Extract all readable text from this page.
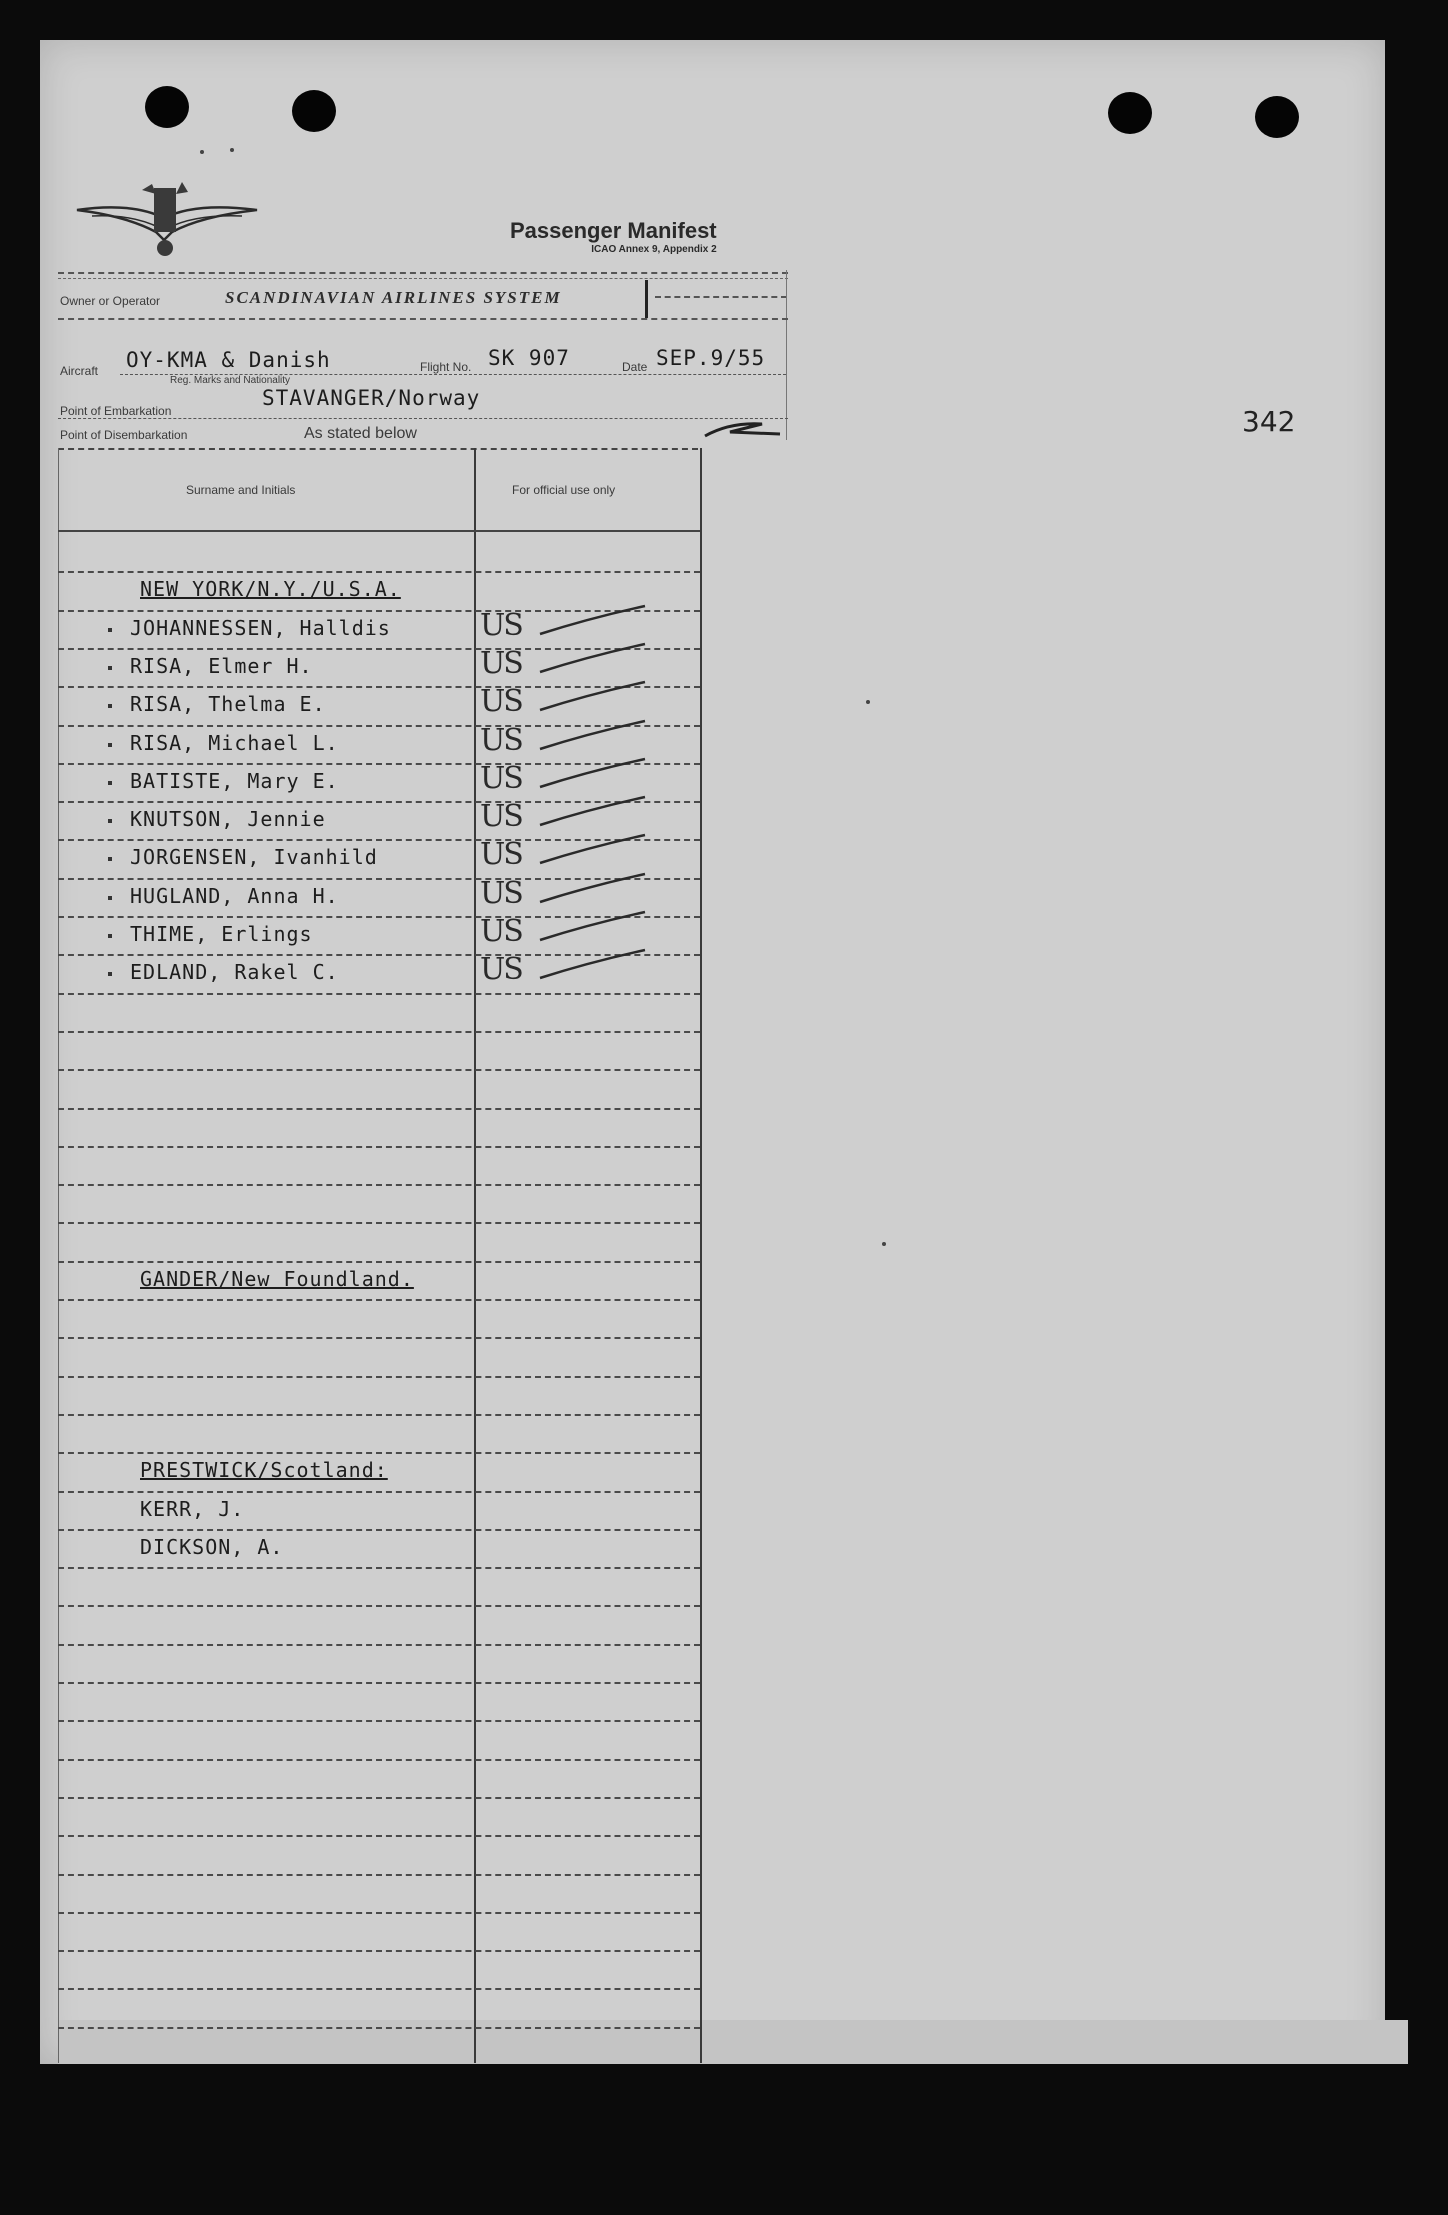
Passenger Manifest
ICAO Annex 9, Appendix 2
Owner or Operator	SCANDINAVIAN AIRLINES SYSTEM
Aircraft OY-KMA & Danish
Reg. Marks and Nationality
Flight No. SK 907	Date SEP.9/55
Point of Embarkation
STAVANGER/Norway
Point of Disembarkation	As stated below	342
Surname and Initials	For official use only
NEW YORK/N.Y./U.S.A.
JOHANNESSEN, Halldis	US
RISA, Elmer H.	US
RISA, Thelma E.	US
RISA, Michael L.	US
BATISTE, Mary E.	US
KNUTSON, Jennie	US
JORGENSEN, Ivanhild	US
HUGLAND, Anna H.	US
THIME, Erlings	US
EDLAND, Rakel C.	US
GANDER/New Foundland.
PRESTWICK/Scotland:
KERR, J.
DICKSON, A.
